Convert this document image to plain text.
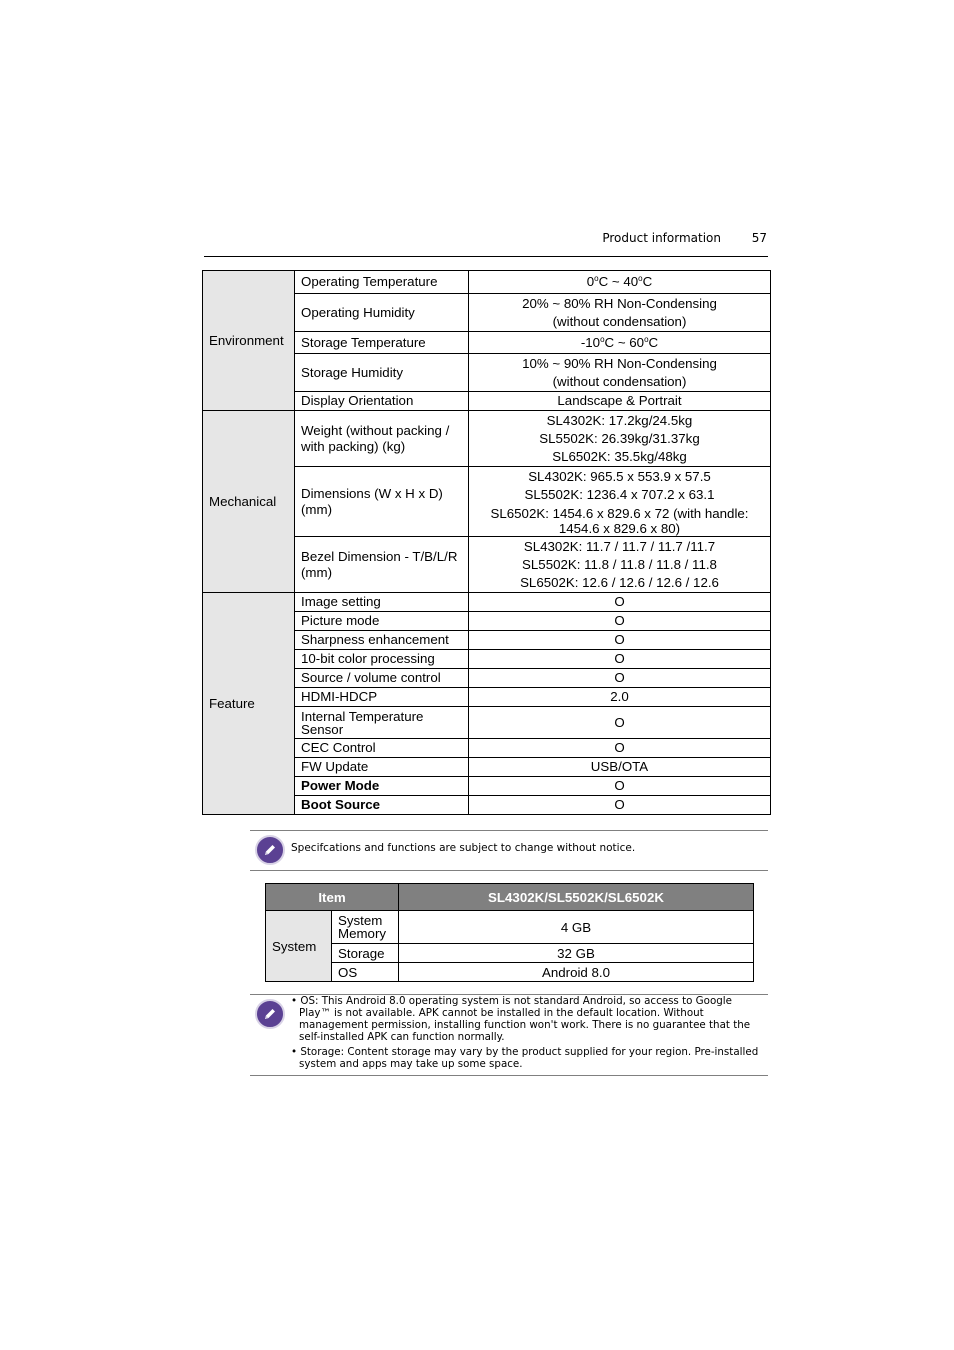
Product information	57
Environment	Operating Temperature	0$^o$C ~ 40$^o$C
	Operating Humidity	20% ~ 80% RH Non-Condensing
(without condensation)

	Storage Temperature	-10$^o$C ~ 60$^o$C
	Storage Humidity	10% ~ 90% RH Non-Condensing
(without condensation)

	Display Orientation	Landscape & Portrait
Mechanical	Weight (without packing / with packing) (kg)	SL4302K: 17.2kg/24.5kg
SL5502K: 26.39kg/31.37kg
SL6502K: 35.5kg/48kg

	Dimensions (W x H x D) (mm)	SL4302K: 965.5 x 553.9 x 57.5
SL5502K: 1236.4 x 707.2 x 63.1
SL6502K: 1454.6 x 829.6 x 72 (with handle: 1454.6 x 829.6 x 80)

	Bezel Dimension - T/B/L/R (mm)	SL4302K: 11.7 / 11.7 / 11.7 /11.7
SL5502K: 11.8 / 11.8 / 11.8 / 11.8
SL6502K: 12.6 / 12.6 / 12.6 / 12.6

Feature	Image setting	O
	Picture mode	O
	Sharpness enhancement	O
	10-bit color processing	O
	Source / volume control	O
	HDMI-HDCP	2.0
	Internal Temperature Sensor	O
	CEC Control	O
	FW Update	USB/OTA
	Power Mode	O
	Boot Source	O
Specifcations and functions are subject to change without notice.
Item		SL4302K/SL5502K/SL6502K
System	System Memory	4 GB
	Storage	32 GB
	OS	Android 8.0
• OS: This Android 8.0 operating system is not standard Android, so access to Google Play™ is not available. APK cannot be installed in the default location. Without management permission, installing function won't work. There is no guarantee that the self-installed APK can function normally.
• Storage: Content storage may vary by the product supplied for your region. Pre-installed system and apps may take up some space.
